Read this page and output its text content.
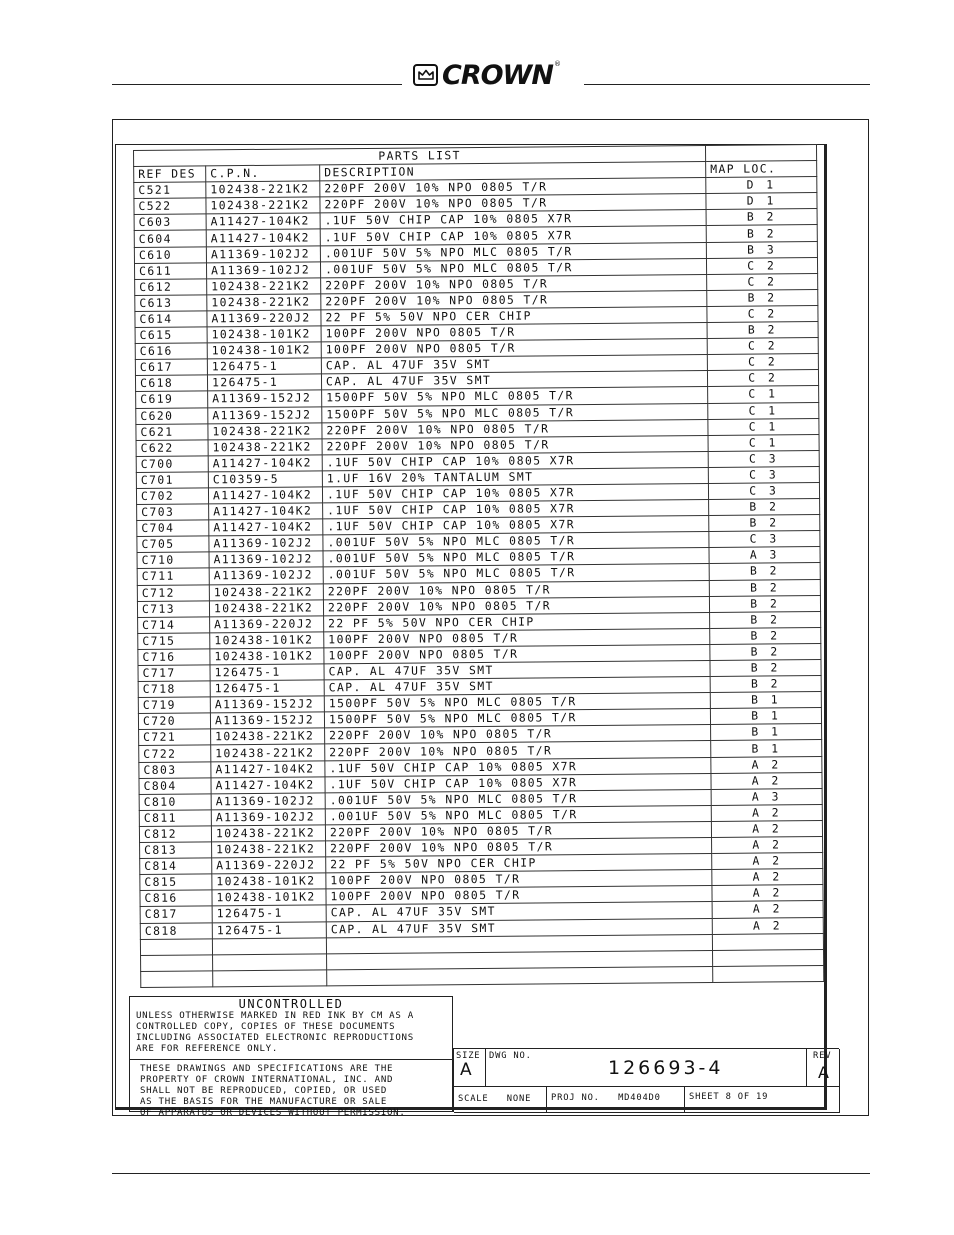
CROWN ®
PARTS LIST			
REF DES	C.P.N.	DESCRIPTION	MAP LOC.
C521	102438-221K2	220PF 200V 10% NPO 0805 T/R	D 1
C522	102438-221K2	220PF 200V 10% NPO 0805 T/R	D 1
C603	A11427-104K2	.1UF 50V CHIP CAP 10% 0805 X7R	B 2
C604	A11427-104K2	.1UF 50V CHIP CAP 10% 0805 X7R	B 2
C610	A11369-102J2	.001UF 50V 5% NPO MLC 0805 T/R	B 3
C611	A11369-102J2	.001UF 50V 5% NPO MLC 0805 T/R	C 2
C612	102438-221K2	220PF 200V 10% NPO 0805 T/R	C 2
C613	102438-221K2	220PF 200V 10% NPO 0805 T/R	B 2
C614	A11369-220J2	22 PF 5% 50V NPO CER CHIP	C 2
C615	102438-101K2	100PF 200V NPO 0805 T/R	B 2
C616	102438-101K2	100PF 200V NPO 0805 T/R	C 2
C617	126475-1	CAP. AL 47UF 35V SMT	C 2
C618	126475-1	CAP. AL 47UF 35V SMT	C 2
C619	A11369-152J2	1500PF 50V 5% NPO MLC 0805 T/R	C 1
C620	A11369-152J2	1500PF 50V 5% NPO MLC 0805 T/R	C 1
C621	102438-221K2	220PF 200V 10% NPO 0805 T/R	C 1
C622	102438-221K2	220PF 200V 10% NPO 0805 T/R	C 1
C700	A11427-104K2	.1UF 50V CHIP CAP 10% 0805 X7R	C 3
C701	C10359-5	1.UF 16V 20% TANTALUM SMT	C 3
C702	A11427-104K2	.1UF 50V CHIP CAP 10% 0805 X7R	C 3
C703	A11427-104K2	.1UF 50V CHIP CAP 10% 0805 X7R	B 2
C704	A11427-104K2	.1UF 50V CHIP CAP 10% 0805 X7R	B 2
C705	A11369-102J2	.001UF 50V 5% NPO MLC 0805 T/R	C 3
C710	A11369-102J2	.001UF 50V 5% NPO MLC 0805 T/R	A 3
C711	A11369-102J2	.001UF 50V 5% NPO MLC 0805 T/R	B 2
C712	102438-221K2	220PF 200V 10% NPO 0805 T/R	B 2
C713	102438-221K2	220PF 200V 10% NPO 0805 T/R	B 2
C714	A11369-220J2	22 PF 5% 50V NPO CER CHIP	B 2
C715	102438-101K2	100PF 200V NPO 0805 T/R	B 2
C716	102438-101K2	100PF 200V NPO 0805 T/R	B 2
C717	126475-1	CAP. AL 47UF 35V SMT	B 2
C718	126475-1	CAP. AL 47UF 35V SMT	B 2
C719	A11369-152J2	1500PF 50V 5% NPO MLC 0805 T/R	B 1
C720	A11369-152J2	1500PF 50V 5% NPO MLC 0805 T/R	B 1
C721	102438-221K2	220PF 200V 10% NPO 0805 T/R	B 1
C722	102438-221K2	220PF 200V 10% NPO 0805 T/R	B 1
C803	A11427-104K2	.1UF 50V CHIP CAP 10% 0805 X7R	A 2
C804	A11427-104K2	.1UF 50V CHIP CAP 10% 0805 X7R	A 2
C810	A11369-102J2	.001UF 50V 5% NPO MLC 0805 T/R	A 3
C811	A11369-102J2	.001UF 50V 5% NPO MLC 0805 T/R	A 2
C812	102438-221K2	220PF 200V 10% NPO 0805 T/R	A 2
C813	102438-221K2	220PF 200V 10% NPO 0805 T/R	A 2
C814	A11369-220J2	22 PF 5% 50V NPO CER CHIP	A 2
C815	102438-101K2	100PF 200V NPO 0805 T/R	A 2
C816	102438-101K2	100PF 200V NPO 0805 T/R	A 2
C817	126475-1	CAP. AL 47UF 35V SMT	A 2
C818	126475-1	CAP. AL 47UF 35V SMT	A 2

UNCONTROLLED
UNLESS OTHERWISE MARKED IN RED INK BY CM AS A
CONTROLLED COPY, COPIES OF THESE DOCUMENTS
INCLUDING ASSOCIATED ELECTRONIC REPRODUCTIONS
ARE FOR REFERENCE ONLY.
THESE DRAWINGS AND SPECIFICATIONS ARE THE
PROPERTY OF CROWN INTERNATIONAL, INC. AND
SHALL NOT BE REPRODUCED, COPIED, OR USED
AS THE BASIS FOR THE MANUFACTURE OR SALE
OF APPARATUS OR DEVICES WITHOUT PERMISSION.
SIZE
A
DWG NO.
126693-4
REV
A
SCALE NONE	PROJ NO. MD404D0	SHEET 8 OF 19
